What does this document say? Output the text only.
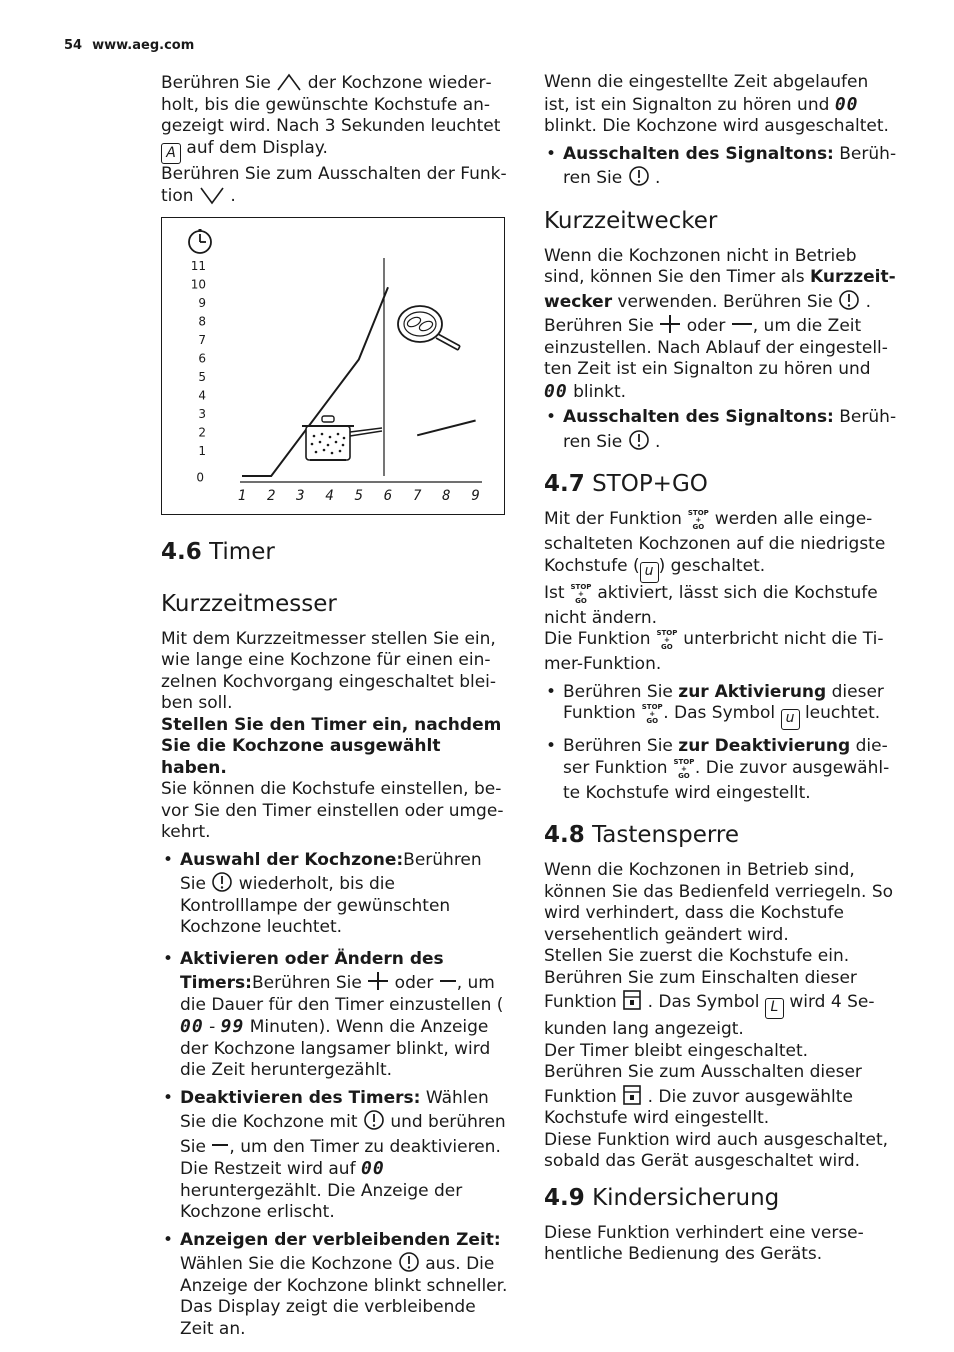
54 www.aeg.com

Berühren Sie der Kochzone wiederholt, bis die gewünschte Kochstufe angezeigt wird. Nach 3 Sekunden leuchtet A auf dem Display.

Berühren Sie zum Ausschalten der Funktion .

11
10
9
8
7
6
5
4
3
2
1
0
1 2 3 4 5 6 7 8 9
4.6 Timer
Kurzzeitmesser

Mit dem Kurzzeitmesser stellen Sie ein, wie lange eine Kochzone für einen einzelnen Kochvorgang eingeschaltet bleiben soll.

Stellen Sie den Timer ein, nachdem Sie die Kochzone ausgewählt haben.

Sie können die Kochstufe einstellen, bevor Sie den Timer einstellen oder umgekehrt.

• Auswahl der Kochzone:Berühren Sie wiederholt, bis die Kontrolllampe der gewünschten Kochzone leuchtet.
• Aktivieren oder Ändern des Timers:Berühren Sie oder , um die Dauer für den Timer einzustellen ( 00 - 99 Minuten). Wenn die Anzeige der Kochzone langsamer blinkt, wird die Zeit heruntergezählt.
• Deaktivieren des Timers: Wählen Sie die Kochzone mit und berühren Sie , um den Timer zu deaktivieren. Die Restzeit wird auf 00 heruntergezählt. Die Anzeige der Kochzone erlischt.
• Anzeigen der verbleibenden Zeit:
Wählen Sie die Kochzone aus. Die Anzeige der Kochzone blinkt schneller. Das Display zeigt die verbleibende Zeit an.

Wenn die eingestellte Zeit abgelaufen ist, ist ein Signalton zu hören und 00 blinkt. Die Kochzone wird ausgeschaltet.

• Ausschalten des Signaltons: Berühren Sie .
Kurzzeitwecker

Wenn die Kochzonen nicht in Betrieb sind, können Sie den Timer als Kurzzeitwecker verwenden. Berühren Sie .

Berühren Sie oder , um die Zeit einzustellen. Nach Ablauf der eingestellten Zeit ist ein Signalton zu hören und 00 blinkt.

• Ausschalten des Signaltons: Berühren Sie .
4.7 STOP+GO

Mit der Funktion STOP
+
GO werden alle eingeschalteten Kochzonen auf die niedrigste Kochstufe ( u ) geschaltet.

Ist STOP
+
GO aktiviert, lässt sich die Kochstufe nicht ändern.

Die Funktion STOP
+
GO unterbricht nicht die Timer-Funktion.

• Berühren Sie zur Aktivierung dieser Funktion STOP
+
GO . Das Symbol u leuchtet.
• Berühren Sie zur Deaktivierung dieser Funktion STOP
+
GO . Die zuvor ausgewählte Kochstufe wird eingestellt.
4.8 Tastensperre

Wenn die Kochzonen in Betrieb sind, können Sie das Bedienfeld verriegeln. So wird verhindert, dass die Kochstufe versehentlich geändert wird.

Stellen Sie zuerst die Kochstufe ein.

Berühren Sie zum Einschalten dieser Funktion . Das Symbol L wird 4 Sekunden lang angezeigt.

Der Timer bleibt eingeschaltet.

Berühren Sie zum Ausschalten dieser Funktion . Die zuvor ausgewählte Kochstufe wird eingestellt.

Diese Funktion wird auch ausgeschaltet, sobald das Gerät ausgeschaltet wird.

4.9 Kindersicherung

Diese Funktion verhindert eine versehentliche Bedienung des Geräts.
